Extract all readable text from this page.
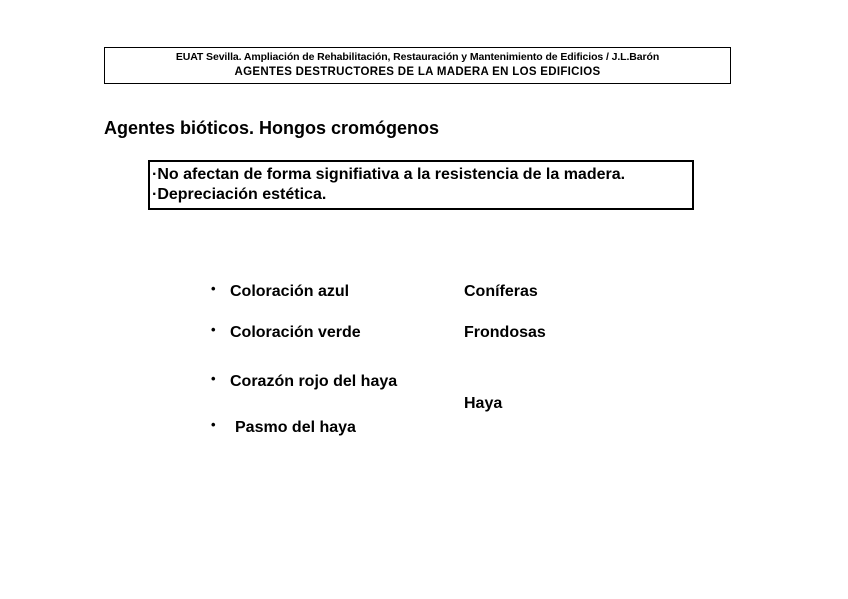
EUAT Sevilla. Ampliación de Rehabilitación, Restauración y Mantenimiento de Edificios / J.L.Barón
AGENTES DESTRUCTORES DE LA MADERA EN LOS EDIFICIOS
Agentes bióticos. Hongos cromógenos
·No afectan de forma signifiativa a la resistencia de la madera.
·Depreciación estética.
• Coloración azul
• Coloración verde
• Corazón rojo del haya
• Pasmo del haya
Coníferas
Frondosas
Haya
